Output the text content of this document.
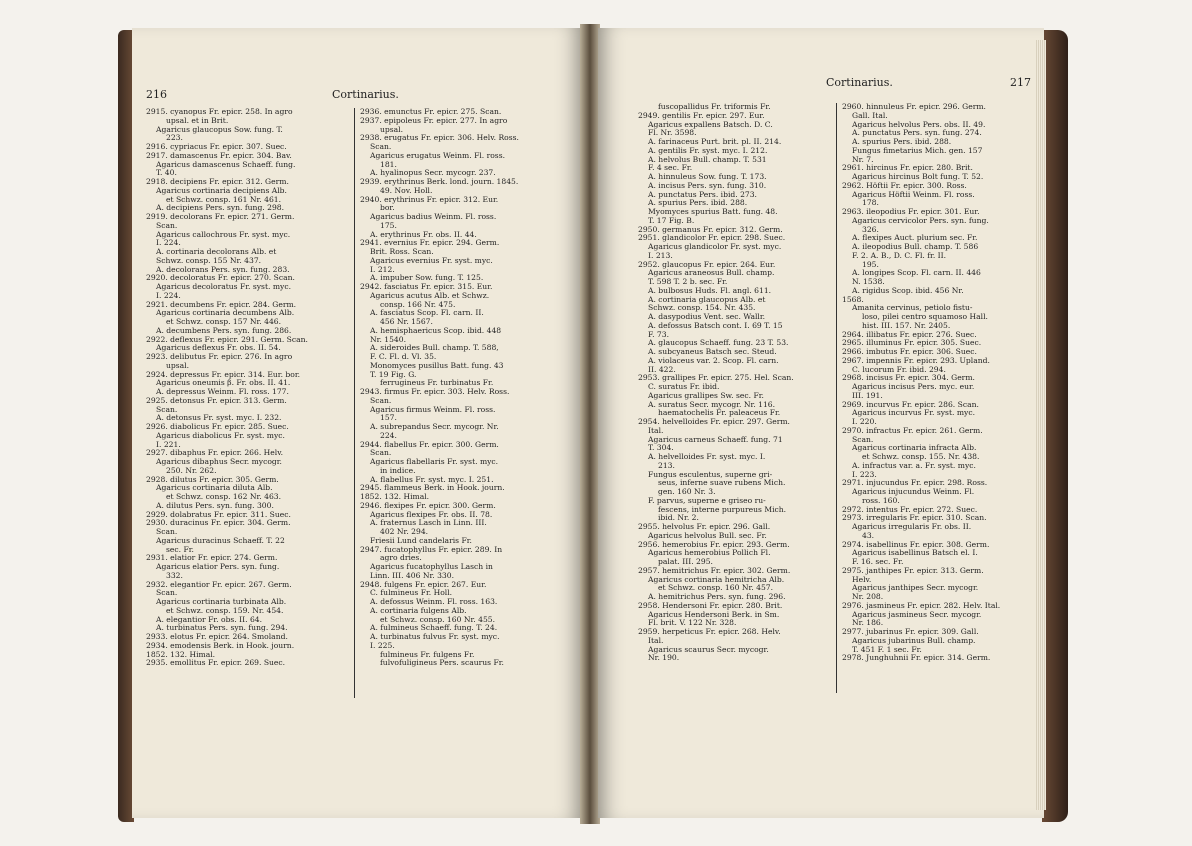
216	Cortinarius.
2915. cyanopus Fr. epicr. 258. In agro
upsal. et in Brit.
Agaricus glaucopus Sow. fung. T.
223.
2916. cypriacus Fr. epicr. 307. Suec.
2917. damascenus Fr. epicr. 304. Bav.
Agaricus damascenus Schaeff. fung.
T. 40.
2918. decipiens Fr. epicr. 312. Germ.
Agaricus cortinaria decipiens Alb.
et Schwz. consp. 161 Nr. 461.
A. decipiens Pers. syn. fung. 298.
2919. decolorans Fr. epicr. 271. Germ.
Scan.
Agaricus callochrous Fr. syst. myc.
I. 224.
A. cortinaria decolorans Alb. et
Schwz. consp. 155 Nr. 437.
A. decolorans Pers. syn. fung. 283.
2920. decoloratus Fr. epicr. 270. Scan.
Agaricus decoloratus Fr. syst. myc.
I. 224.
2921. decumbens Fr. epicr. 284. Germ.
Agaricus cortinaria decumbens Alb.
et Schwz. consp. 157 Nr. 446.
A. decumbens Pers. syn. fung. 286.
2922. deflexus Fr. epicr. 291. Germ. Scan.
Agaricus deflexus Fr. obs. II. 54.
2923. delibutus Fr. epicr. 276. In agro
upsal.
2924. depressus Fr. epicr. 314. Eur. bor.
Agaricus oneumis β. Fr. obs. II. 41.
A. depressus Weinm. Fl. ross. 177.
2925. detonsus Fr. epicr. 313. Germ.
Scan.
A. detonsus Fr. syst. myc. I. 232.
2926. diabolicus Fr. epicr. 285. Suec.
Agaricus diabolicus Fr. syst. myc.
I. 221.
2927. dibaphus Fr. epicr. 266. Helv.
Agaricus dibaphus Secr. mycogr.
250. Nr. 262.
2928. dilutus Fr. epicr. 305. Germ.
Agaricus cortinaria diluta Alb.
et Schwz. consp. 162 Nr. 463.
A. dilutus Pers. syn. fung. 300.
2929. dolabratus Fr. epicr. 311. Suec.
2930. duracinus Fr. epicr. 304. Germ.
Scan.
Agaricus duracinus Schaeff. T. 22
sec. Fr.
2931. elatior Fr. epicr. 274. Germ.
Agaricus elatior Pers. syn. fung.
332.
2932. elegantior Fr. epicr. 267. Germ.
Scan.
Agaricus cortinaria turbinata Alb.
et Schwz. consp. 159. Nr. 454.
A. elegantior Fr. obs. II. 64.
A. turbinatus Pers. syn. fung. 294.
2933. elotus Fr. epicr. 264. Smoland.
2934. emodensis Berk. in Hook. journ.
1852. 132. Himal.
2935. emollitus Fr. epicr. 269. Suec.
2936. emunctus Fr. epicr. 275. Scan.
2937. epipoleus Fr. epicr. 277. In agro
upsal.
2938. erugatus Fr. epicr. 306. Helv. Ross.
Scan.
Agaricus erugatus Weinm. Fl. ross.
181.
A. hyalinopus Secr. mycogr. 237.
2939. erythrinus Berk. lond. journ. 1845.
49. Nov. Holl.
2940. erythrinus Fr. epicr. 312. Eur.
bor.
Agaricus badius Weinm. Fl. ross.
175.
A. erythrinus Fr. obs. II. 44.
2941. evernius Fr. epicr. 294. Germ.
Brit. Ross. Scan.
Agaricus evernius Fr. syst. myc.
I. 212.
A. impuber Sow. fung. T. 125.
2942. fasciatus Fr. epicr. 315. Eur.
Agaricus acutus Alb. et Schwz.
consp. 166 Nr. 475.
A. fasciatus Scop. Fl. carn. II.
456 Nr. 1567.
A. hemisphaericus Scop. ibid. 448
Nr. 1540.
A. sideroides Bull. champ. T. 588,
F. C. Fl. d. Vl. 35.
Monomyces pusillus Batt. fung. 43
T. 19 Fig. G.
ferrugineus Fr. turbinatus Fr.
2943. firmus Fr. epicr. 303. Helv. Ross.
Scan.
Agaricus firmus Weinm. Fl. ross.
157.
A. subrepandus Secr. mycogr. Nr.
224.
2944. flabellus Fr. epicr. 300. Germ.
Scan.
Agaricus flabellaris Fr. syst. myc.
in indice.
A. flabellus Fr. syst. myc. I. 251.
2945. flammeus Berk. in Hook. journ.
1852. 132. Himal.
2946. flexipes Fr. epicr. 300. Germ.
Agaricus flexipes Fr. obs. II. 78.
A. fraternus Lasch in Linn. III.
402 Nr. 294.
Friesii Lund candelaris Fr.
2947. fucatophyllus Fr. epicr. 289. In
agro dries.
Agaricus fucatophyllus Lasch in
Linn. III. 406 Nr. 330.
2948. fulgens Fr. epicr. 267. Eur.
C. fulmineus Fr. Holl.
A. defossus Weinm. Fl. ross. 163.
A. cortinaria fulgens Alb.
et Schwz. consp. 160 Nr. 455.
A. fulmineus Schaeff. fung. T. 24.
A. turbinatus fulvus Fr. syst. myc.
I. 225.
fulmineus Fr. fulgens Fr.
fulvofuligineus Pers. scaurus Fr.
Cortinarius.	217
fuscopallidus Fr. triformis Fr.
2949. gentilis Fr. epicr. 297. Eur.
Agaricus expallens Batsch. D. C.
Fl. Nr. 3598.
A. farinaceus Purt. brit. pl. II. 214.
A. gentilis Fr. syst. myc. I. 212.
A. helvolus Bull. champ. T. 531
F. 4 sec. Fr.
A. hinnuleus Sow. fung. T. 173.
A. incisus Pers. syn. fung. 310.
A. punctatus Pers. ibid. 273.
A. spurius Pers. ibid. 288.
Myomyces spurius Batt. fung. 48.
T. 17 Fig. B.
2950. germanus Fr. epicr. 312. Germ.
2951. glandicolor Fr. epicr. 298. Suec.
Agaricus glandicolor Fr. syst. myc.
I. 213.
2952. glaucopus Fr. epicr. 264. Eur.
Agaricus araneosus Bull. champ.
T. 598 T. 2 b. sec. Fr.
A. bulbosus Huds. Fl. angl. 611.
A. cortinaria glaucopus Alb. et
Schwz. consp. 154. Nr. 435.
A. dasypodius Vent. sec. Wallr.
A. defossus Batsch cont. I. 69 T. 15
F. 73.
A. glaucopus Schaeff. fung. 23 T. 53.
A. subcyaneus Batsch sec. Steud.
A. violaceus var. 2. Scop. Fl. carn.
II. 422.
2953. grallipes Fr. epicr. 275. Hel. Scan.
C. suratus Fr. ibid.
Agaricus grallipes Sw. sec. Fr.
A. suratus Secr. mycogr. Nr. 116.
haematochelis Fr. paleaceus Fr.
2954. helvelloides Fr. epicr. 297. Germ.
Ital.
Agaricus carneus Schaeff. fung. 71
T. 304.
A. helvelloides Fr. syst. myc. I.
213.
Fungus esculentus, superne gri-
seus, inferne suave rubens Mich.
gen. 160 Nr. 3.
F. parvus, superne e griseo ru-
fescens, interne purpureus Mich.
ibid. Nr. 2.
2955. helvolus Fr. epicr. 296. Gall.
Agaricus helvolus Bull. sec. Fr.
2956. hemerobius Fr. epicr. 293. Germ.
Agaricus hemerobius Pollich Fl.
palat. III. 295.
2957. hemitrichus Fr. epicr. 302. Germ.
Agaricus cortinaria hemitricha Alb.
et Schwz. consp. 160 Nr. 457.
A. hemitrichus Pers. syn. fung. 296.
2958. Hendersoni Fr. epicr. 280. Brit.
Agaricus Hendersoni Berk. in Sm.
Fl. brit. V. 122 Nr. 328.
2959. herpeticus Fr. epicr. 268. Helv.
Ital.
Agaricus scaurus Secr. mycogr.
Nr. 190.
2960. hinnuleus Fr. epicr. 296. Germ.
Gall. Ital.
Agaricus helvolus Pers. obs. II. 49.
A. punctatus Pers. syn. fung. 274.
A. spurius Pers. ibid. 288.
Fungus fimetarius Mich. gen. 157
Nr. 7.
2961. hircinus Fr. epicr. 280. Brit.
Agaricus hircinus Bolt fung. T. 52.
2962. Höftii Fr. epicr. 300. Ross.
Agaricus Höftii Weinm. Fl. ross.
178.
2963. ileopodius Fr. epicr. 301. Eur.
Agaricus cervicolor Pers. syn. fung.
326.
A. flexipes Auct. plurium sec. Fr.
A. ileopodius Bull. champ. T. 586
F. 2. A. B., D. C. Fl. fr. II.
195.
A. longipes Scop. Fl. carn. II. 446
N. 1538.
A. rigidus Scop. ibid. 456 Nr.
1568.
Amanita cervinus, petiolo fistu-
loso, pilei centro squamoso Hall.
hist. III. 157. Nr. 2405.
2964. illibatus Fr. epicr. 276. Suec.
2965. illuminus Fr. epicr. 305. Suec.
2966. imbutus Fr. epicr. 306. Suec.
2967. impennis Fr. epicr. 293. Upland.
C. lucorum Fr. ibid. 294.
2968. incisus Fr. epicr. 304. Germ.
Agaricus incisus Pers. myc. eur.
III. 191.
2969. incurvus Fr. epicr. 286. Scan.
Agaricus incurvus Fr. syst. myc.
I. 220.
2970. infractus Fr. epicr. 261. Germ.
Scan.
Agaricus cortinaria infracta Alb.
et Schwz. consp. 155. Nr. 438.
A. infractus var. a. Fr. syst. myc.
I. 223.
2971. injucundus Fr. epicr. 298. Ross.
Agaricus injucundus Weinm. Fl.
ross. 160.
2972. intentus Fr. epicr. 272. Suec.
2973. irregularis Fr. epicr. 310. Scan.
Agaricus irregularis Fr. obs. II.
43.
2974. isabellinus Fr. epicr. 308. Germ.
Agaricus isabellinus Batsch el. I.
F. 16. sec. Fr.
2975. janthipes Fr. epicr. 313. Germ.
Helv.
Agaricus janthipes Secr. mycogr.
Nr. 208.
2976. jasmineus Fr. epicr. 282. Helv. Ital.
Agaricus jasmineus Secr. mycogr.
Nr. 186.
2977. jubarinus Fr. epicr. 309. Gall.
Agaricus jubarinus Bull. champ.
T. 451 F. 1 sec. Fr.
2978. Junghuhnii Fr. epicr. 314. Germ.
